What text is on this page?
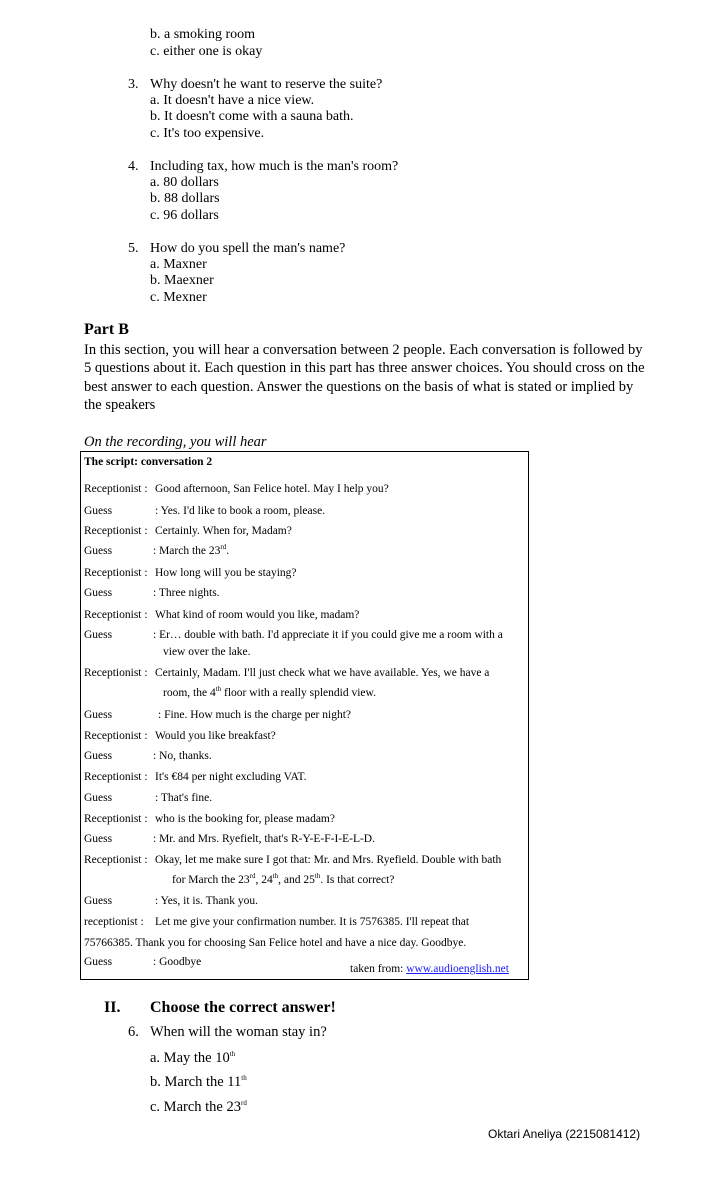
b. a smoking room
c. either one is okay
3. Why doesn't he want to reserve the suite?
a. It doesn't have a nice view.
b. It doesn't come with a sauna bath.
c. It's too expensive.
4. Including tax, how much is the man's room?
a. 80 dollars
b. 88 dollars
c. 96 dollars
5. How do you spell the man's name?
a. Maxner
b. Maexner
c. Mexner
Part B
In this section, you will hear a conversation between 2 people. Each conversation is followed by
5 questions about it. Each question in this part has three answer choices. You should cross on the
best answer to each question. Answer the questions on the basis of what is stated or implied by
the speakers
On the recording, you will hear
The script: conversation 2
Receptionist : Good afternoon, San Felice hotel. May I help you?
Guess	: Yes. I'd like to book a room, please.
Receptionist : Certainly. When for, Madam?
Guess	: March the 23rd.
Receptionist : How long will you be staying?
Guess	: Three nights.
Receptionist : What kind of room would you like, madam?
Guess	: Er… double with bath. I'd appreciate it if you could give me a room with a
view over the lake.
Receptionist : Certainly, Madam. I'll just check what we have available. Yes, we have a
room, the 4th floor with a really splendid view.
Guess	: Fine. How much is the charge per night?
Receptionist : Would you like breakfast?
Guess	: No, thanks.
Receptionist : It's €84 per night excluding VAT.
Guess	: That's fine.
Receptionist : who is the booking for, please madam?
Guess	: Mr. and Mrs. Ryefielt, that's R-Y-E-F-I-E-L-D.
Receptionist : Okay, let me make sure I got that: Mr. and Mrs. Ryefield. Double with bath
for March the 23rd, 24th, and 25th. Is that correct?
Guess	: Yes, it is. Thank you.
receptionist : Let me give your confirmation number. It is 7576385. I'll repeat that
75766385. Thank you for choosing San Felice hotel and have a nice day. Goodbye.
Guess	: Goodbye
taken from: www.audioenglish.net
II. Choose the correct answer!
6. When will the woman stay in?
a. May the 10th
b. March the 11th
c. March the 23rd
Oktari Aneliya (2215081412)
